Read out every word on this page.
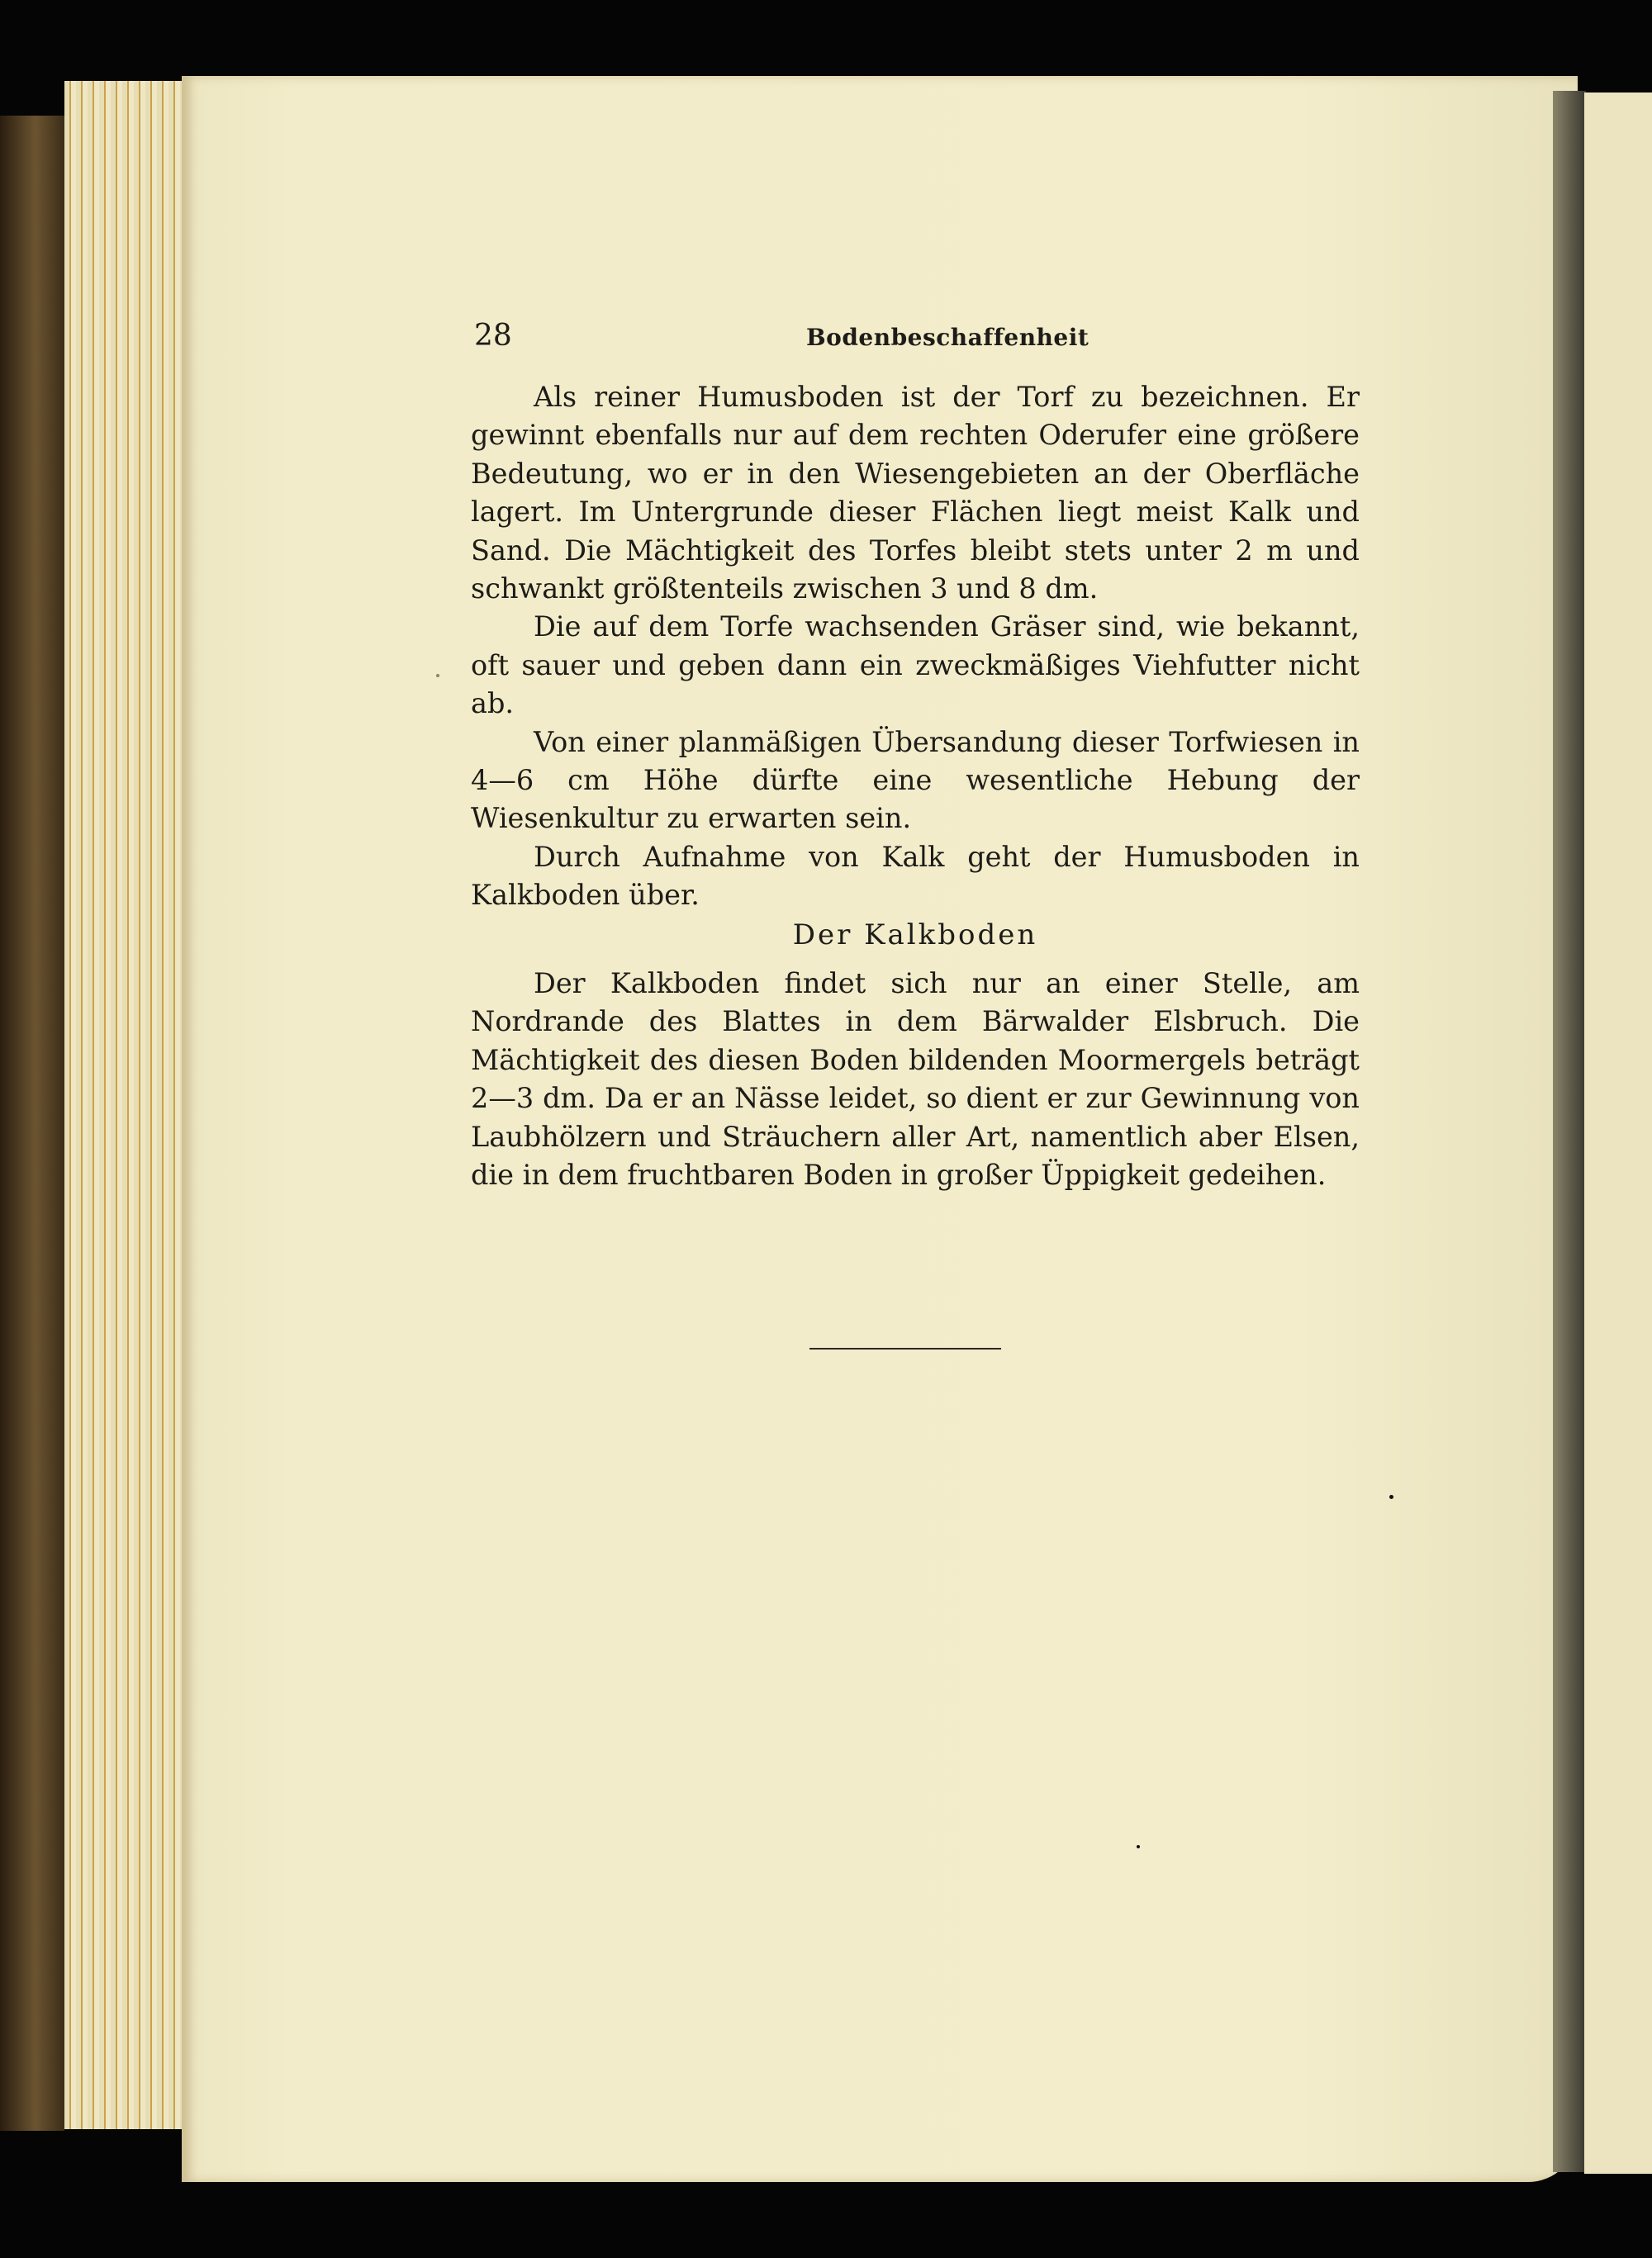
28	Bodenbeschaffenheit

Als reiner Humusboden ist der Torf zu bezeichnen. Er gewinnt ebenfalls nur auf dem rechten Oderufer eine größere Bedeutung, wo er in den Wiesengebieten an der Oberfläche lagert. Im Untergrunde dieser Flächen liegt meist Kalk und Sand. Die Mächtigkeit des Torfes bleibt stets unter 2 m und schwankt größtenteils zwischen 3 und 8 dm.

Die auf dem Torfe wachsenden Gräser sind, wie bekannt, oft sauer und geben dann ein zweckmäßiges Viehfutter nicht ab.

Von einer planmäßigen Übersandung dieser Torfwiesen in 4—6 cm Höhe dürfte eine wesentliche Hebung der Wiesenkultur zu erwarten sein.

Durch Aufnahme von Kalk geht der Humusboden in Kalkboden über.

Der Kalkboden

Der Kalkboden findet sich nur an einer Stelle, am Nordrande des Blattes in dem Bärwalder Elsbruch. Die Mächtigkeit des diesen Boden bildenden Moormergels beträgt 2—3 dm. Da er an Nässe leidet, so dient er zur Gewinnung von Laubhölzern und Sträuchern aller Art, namentlich aber Elsen, die in dem fruchtbaren Boden in großer Üppigkeit gedeihen.
